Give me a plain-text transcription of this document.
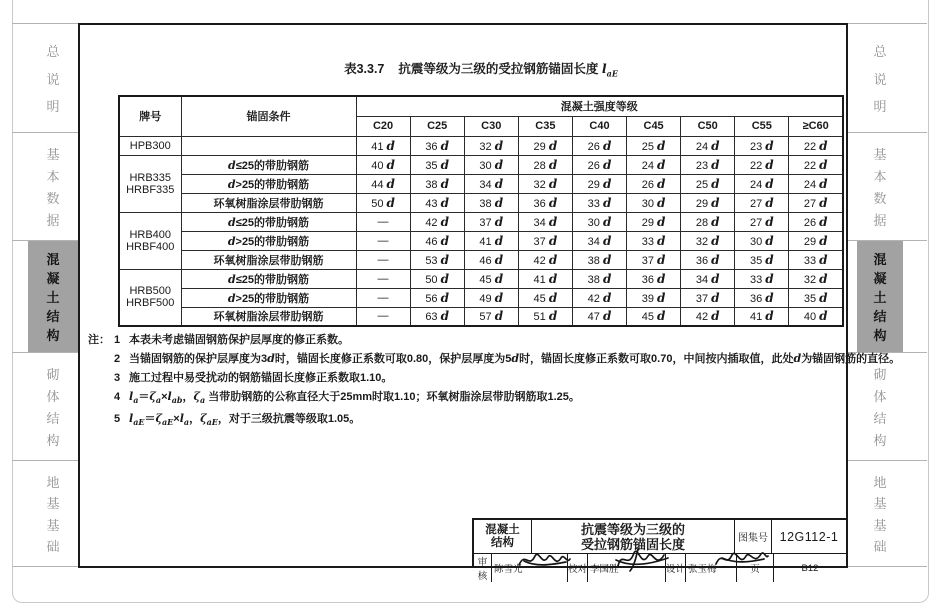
总
说
明
基
本
数
据
混
凝
土
结
构
砌
体
结
构
地
基
基
础
总
说
明
基
本
数
据
混
凝
土
结
构
砌
体
结
构
地
基
基
础
表3.3.7 抗震等级为三级的受拉钢筋锚固长度 $l_{aE}$
牌号	锚固条件	混凝土强度等级								
		C20	C25	C30	C35	C40	C45	C50	C55	≥C60

HPB300		41 d	36 d	32 d	29 d	26 d	25 d	24 d	23 d	22 d

HRB335
HRBF335	d≤25的带肋钢筋	40 d	35 d	30 d	28 d	26 d	24 d	23 d	22 d	22 d
	d>25的带肋钢筋	44 d	38 d	34 d	32 d	29 d	26 d	25 d	24 d	24 d
	环氧树脂涂层带肋钢筋	50 d	43 d	38 d	36 d	33 d	30 d	29 d	27 d	27 d

HRB400
HRBF400	d≤25的带肋钢筋	—	42 d	37 d	34 d	30 d	29 d	28 d	27 d	26 d
	d>25的带肋钢筋	—	46 d	41 d	37 d	34 d	33 d	32 d	30 d	29 d
	环氧树脂涂层带肋钢筋	—	53 d	46 d	42 d	38 d	37 d	36 d	35 d	33 d

HRB500
HRBF500	d≤25的带肋钢筋	—	50 d	45 d	41 d	38 d	36 d	34 d	33 d	32 d
	d>25的带肋钢筋	—	56 d	49 d	45 d	42 d	39 d	37 d	36 d	35 d
	环氧树脂涂层带肋钢筋	—	63 d	57 d	51 d	47 d	45 d	42 d	41 d	40 d
注： 1 本表未考虑锚固钢筋保护层厚度的修正系数。
2 当锚固钢筋的保护层厚度为3d时，锚固长度修正系数可取0.80，保护层厚度为5d时，锚固长度修正系数可取0.70，中间按内插取值，此处d为锚固钢筋的直径。
3 施工过程中易受扰动的钢筋锚固长度修正系数取1.10。
4 $l_a=\zeta_a\times l_{ab}$，$\zeta_a$ 当带肋钢筋的公称直径大于25mm时取1.10；环氧树脂涂层带肋钢筋取1.25。
5 $l_{aE}=\zeta_{aE}\times l_a$，$\zeta_{aE}$，对于三级抗震等级取1.05。
混凝土
结构
抗震等级为三级的
受拉钢筋锚固长度	图集号 12G112-1
审核
陈雪光	校对 李国胜	设计 张玉梅	页	B12
